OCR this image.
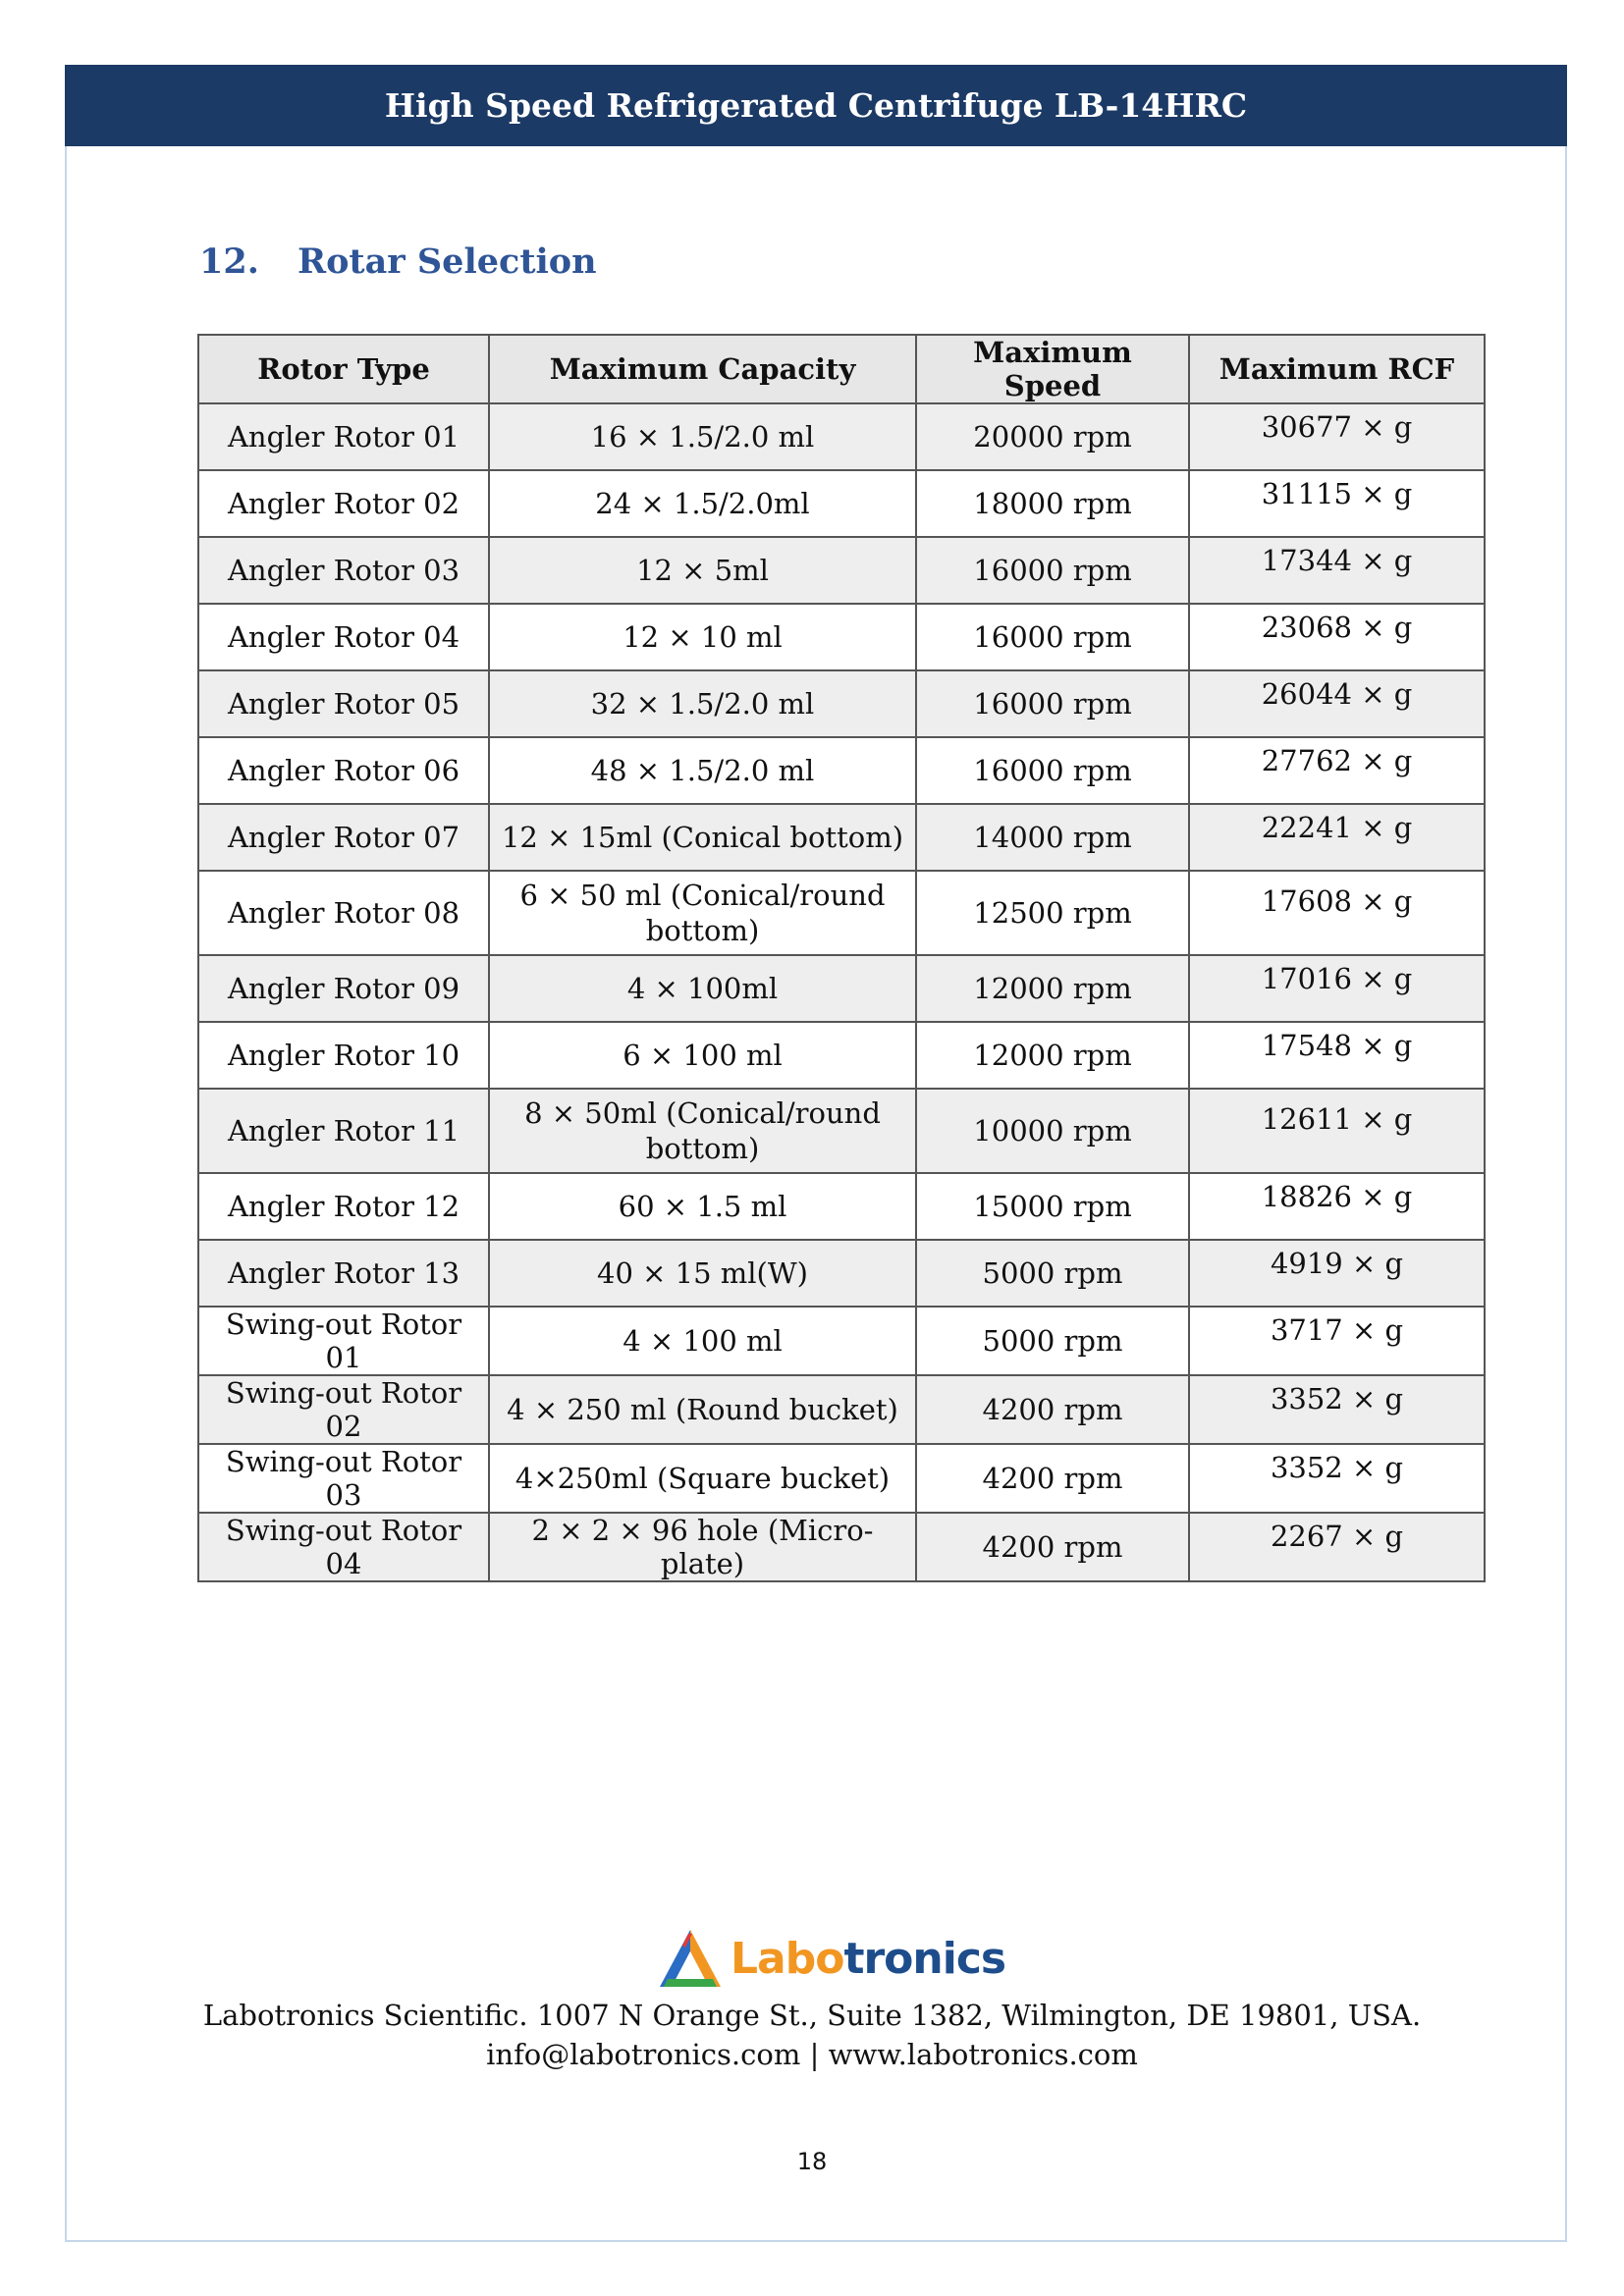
High Speed Refrigerated Centrifuge LB-14HRC
12. Rotar Selection
Rotor Type	Maximum Capacity	Maximum Speed	Maximum RCF
Angler Rotor 01	16 × 1.5/2.0 ml	20000 rpm	30677 × g
Angler Rotor 02	24 × 1.5/2.0ml	18000 rpm	31115 × g
Angler Rotor 03	12 × 5ml	16000 rpm	17344 × g
Angler Rotor 04	12 × 10 ml	16000 rpm	23068 × g
Angler Rotor 05	32 × 1.5/2.0 ml	16000 rpm	26044 × g
Angler Rotor 06	48 × 1.5/2.0 ml	16000 rpm	27762 × g
Angler Rotor 07	12 × 15ml (Conical bottom)	14000 rpm	22241 × g
Angler Rotor 08	6 × 50 ml (Conical/round bottom)	12500 rpm	17608 × g
Angler Rotor 09	4 × 100ml	12000 rpm	17016 × g
Angler Rotor 10	6 × 100 ml	12000 rpm	17548 × g
Angler Rotor 11	8 × 50ml (Conical/round bottom)	10000 rpm	12611 × g
Angler Rotor 12	60 × 1.5 ml	15000 rpm	18826 × g
Angler Rotor 13	40 × 15 ml(W)	5000 rpm	4919 × g
Swing-out Rotor 01	4 × 100 ml	5000 rpm	3717 × g
Swing-out Rotor 02	4 × 250 ml (Round bucket)	4200 rpm	3352 × g
Swing-out Rotor 03	4×250ml (Square bucket)	4200 rpm	3352 × g
Swing-out Rotor 04	2 × 2 × 96 hole (Micro-plate)	4200 rpm	2267 × g
Labotronics

Labotronics Scientific. 1007 N Orange St., Suite 1382, Wilmington, DE 19801, USA.

info@labotronics.com | www.labotronics.com

18
